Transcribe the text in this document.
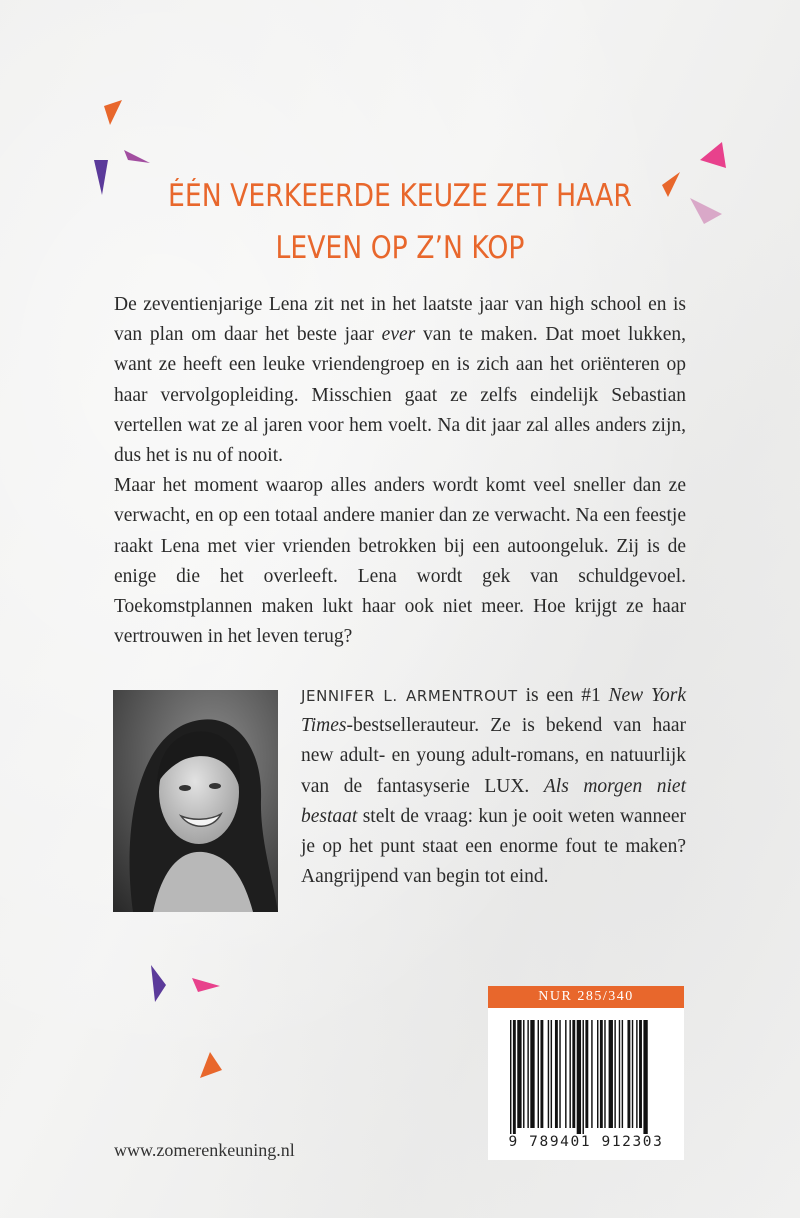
ÉÉN VERKEERDE KEUZE ZET HAAR
LEVEN OP Z’N KOP

De zeventienjarige Lena zit net in het laatste jaar van high school en is van plan om daar het beste jaar ever van te maken. Dat moet lukken, want ze heeft een leuke vriendengroep en is zich aan het oriënteren op haar vervolgopleiding. Misschien gaat ze zelfs eindelijk Sebastian vertellen wat ze al jaren voor hem voelt. Na dit jaar zal alles anders zijn, dus het is nu of nooit.

Maar het moment waarop alles anders wordt komt veel sneller dan ze verwacht, en op een totaal andere manier dan ze verwacht. Na een feestje raakt Lena met vier vrienden betrokken bij een autoongeluk. Zij is de enige die het overleeft. Lena wordt gek van schuldgevoel. Toekomstplannen maken lukt haar ook niet meer. Hoe krijgt ze haar vertrouwen in het leven terug?

JENNIFER L. ARMENTROUT is een #1 New York Times-bestsellerauteur. Ze is bekend van haar new adult- en young adult-romans, en natuurlijk van de fantasyserie LUX. Als morgen niet bestaat stelt de vraag: kun je ooit weten wanneer je op het punt staat een enorme fout te maken? Aangrijpend van begin tot eind.
NUR 285/340
9 789401 912303
www.zomerenkeuning.nl
